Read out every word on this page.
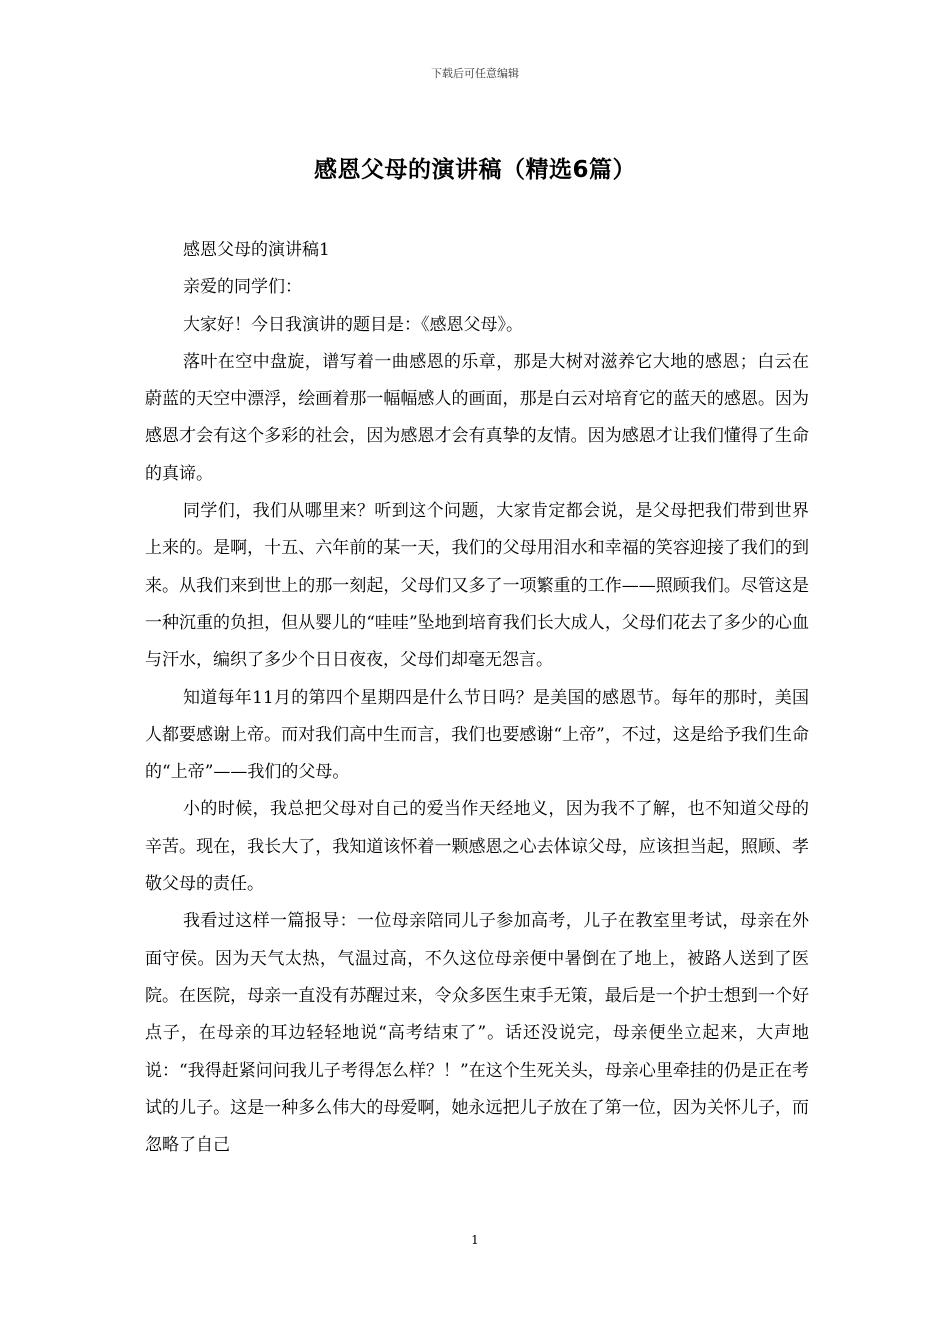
下载后可任意编辑
感恩父母的演讲稿（精选6篇）

感恩父母的演讲稿1

亲爱的同学们：

大家好！今日我演讲的题目是：《感恩父母》。

落叶在空中盘旋，谱写着一曲感恩的乐章，那是大树对滋养它大地的感恩；白云在蔚蓝的天空中漂浮，绘画着那一幅幅感人的画面，那是白云对培育它的蓝天的感恩。因为感恩才会有这个多彩的社会，因为感恩才会有真挚的友情。因为感恩才让我们懂得了生命的真谛。

同学们，我们从哪里来？听到这个问题，大家肯定都会说，是父母把我们带到世界上来的。是啊，十五、六年前的某一天，我们的父母用泪水和幸福的笑容迎接了我们的到来。从我们来到世上的那一刻起，父母们又多了一项繁重的工作——照顾我们。尽管这是一种沉重的负担，但从婴儿的“哇哇”坠地到培育我们长大成人，父母们花去了多少的心血与汗水，编织了多少个日日夜夜，父母们却毫无怨言。

知道每年11月的第四个星期四是什么节日吗？是美国的感恩节。每年的那时，美国人都要感谢上帝。而对我们高中生而言，我们也要感谢“上帝”，不过，这是给予我们生命的“上帝”——我们的父母。

小的时候，我总把父母对自己的爱当作天经地义，因为我不了解，也不知道父母的辛苦。现在，我长大了，我知道该怀着一颗感恩之心去体谅父母，应该担当起，照顾、孝敬父母的责任。

我看过这样一篇报导：一位母亲陪同儿子参加高考，儿子在教室里考试，母亲在外面守侯。因为天气太热，气温过高，不久这位母亲便中暑倒在了地上，被路人送到了医院。在医院，母亲一直没有苏醒过来，令众多医生束手无策，最后是一个护士想到一个好点子，在母亲的耳边轻轻地说“高考结束了”。话还没说完，母亲便坐立起来，大声地说：“我得赶紧问问我儿子考得怎么样？！”在这个生死关头，母亲心里牵挂的仍是正在考试的儿子。这是一种多么伟大的母爱啊，她永远把儿子放在了第一位，因为关怀儿子，而忽略了自己

1
